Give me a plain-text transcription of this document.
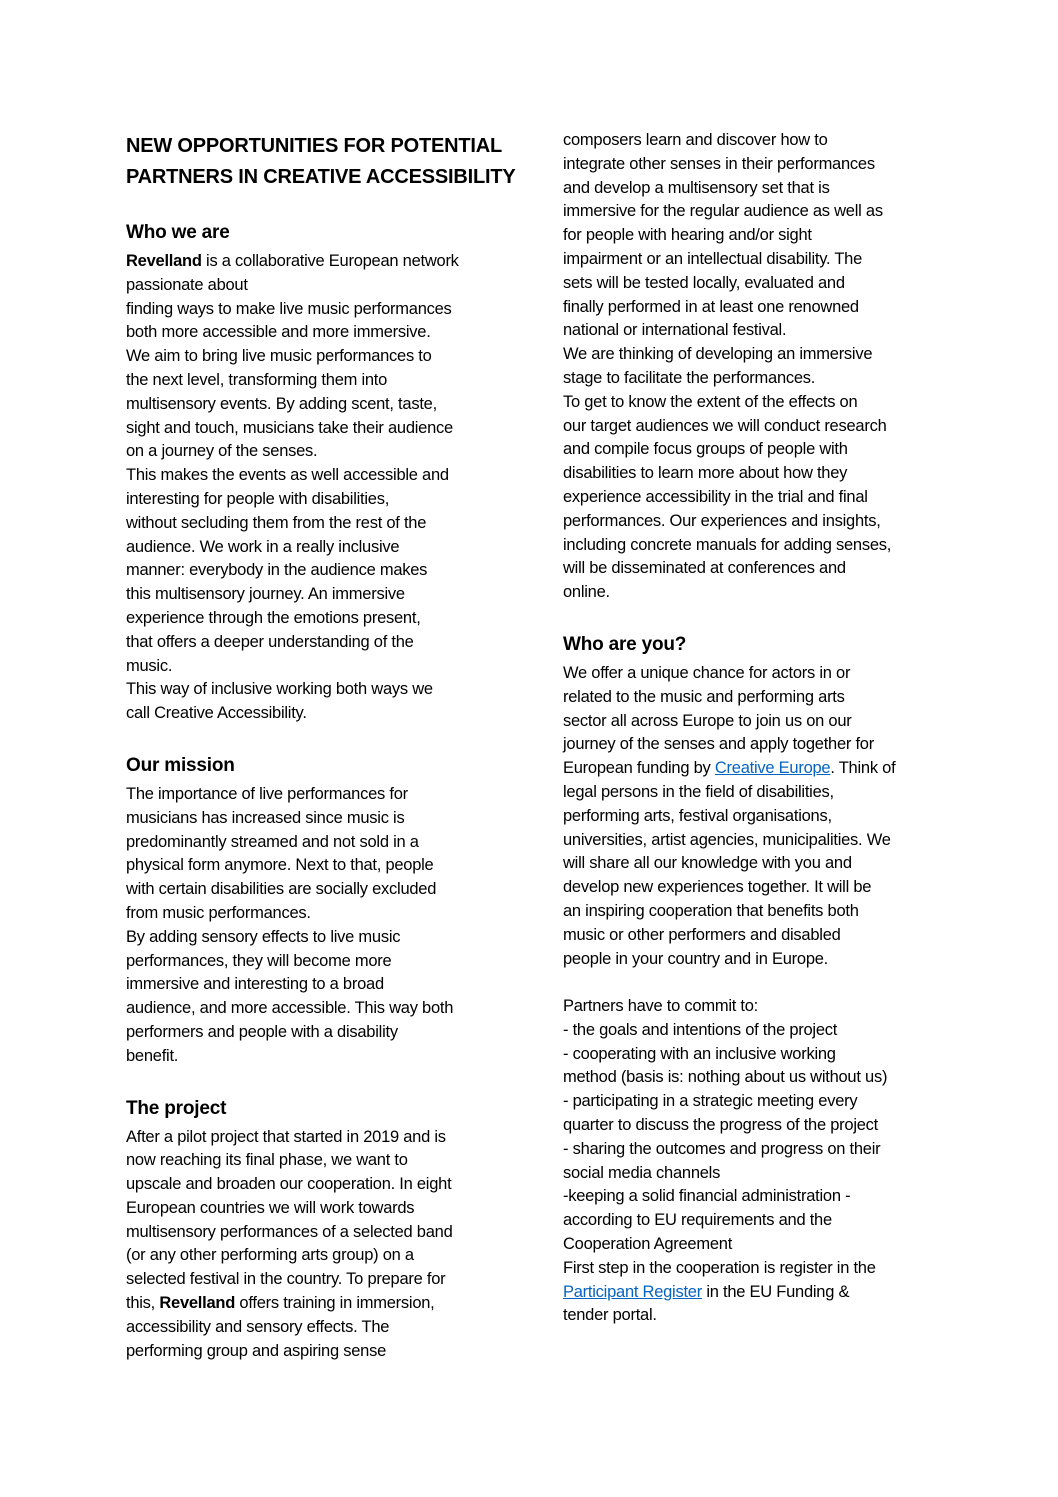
NEW OPPORTUNITIES FOR POTENTIAL
PARTNERS IN CREATIVE ACCESSIBILITY
Who we are
Revelland is a collaborative European network
passionate about
finding ways to make live music performances
both more accessible and more immersive.
We aim to bring live music performances to
the next level, transforming them into
multisensory events. By adding scent, taste,
sight and touch, musicians take their audience
on a journey of the senses.
This makes the events as well accessible and
interesting for people with disabilities,
without secluding them from the rest of the
audience. We work in a really inclusive
manner: everybody in the audience makes
this multisensory journey. An immersive
experience through the emotions present,
that offers a deeper understanding of the
music.
This way of inclusive working both ways we
call Creative Accessibility.
Our mission
The importance of live performances for
musicians has increased since music is
predominantly streamed and not sold in a
physical form anymore. Next to that, people
with certain disabilities are socially excluded
from music performances.
By adding sensory effects to live music
performances, they will become more
immersive and interesting to a broad
audience, and more accessible. This way both
performers and people with a disability
benefit.
The project
After a pilot project that started in 2019 and is
now reaching its final phase, we want to
upscale and broaden our cooperation. In eight
European countries we will work towards
multisensory performances of a selected band
(or any other performing arts group) on a
selected festival in the country. To prepare for
this, Revelland offers training in immersion,
accessibility and sensory effects. The
performing group and aspiring sense
composers learn and discover how to
integrate other senses in their performances
and develop a multisensory set that is
immersive for the regular audience as well as
for people with hearing and/or sight
impairment or an intellectual disability. The
sets will be tested locally, evaluated and
finally performed in at least one renowned
national or international festival.
We are thinking of developing an immersive
stage to facilitate the performances.
To get to know the extent of the effects on
our target audiences we will conduct research
and compile focus groups of people with
disabilities to learn more about how they
experience accessibility in the trial and final
performances. Our experiences and insights,
including concrete manuals for adding senses,
will be disseminated at conferences and
online.
Who are you?
We offer a unique chance for actors in or
related to the music and performing arts
sector all across Europe to join us on our
journey of the senses and apply together for
European funding by Creative Europe. Think of
legal persons in the field of disabilities,
performing arts, festival organisations,
universities, artist agencies, municipalities. We
will share all our knowledge with you and
develop new experiences together. It will be
an inspiring cooperation that benefits both
music or other performers and disabled
people in your country and in Europe.

Partners have to commit to:
- the goals and intentions of the project
- cooperating with an inclusive working
method (basis is: nothing about us without us)
- participating in a strategic meeting every
quarter to discuss the progress of the project
- sharing the outcomes and progress on their
social media channels
-keeping a solid financial administration -
according to EU requirements and the
Cooperation Agreement
First step in the cooperation is register in the
Participant Register in the EU Funding &
tender portal.
